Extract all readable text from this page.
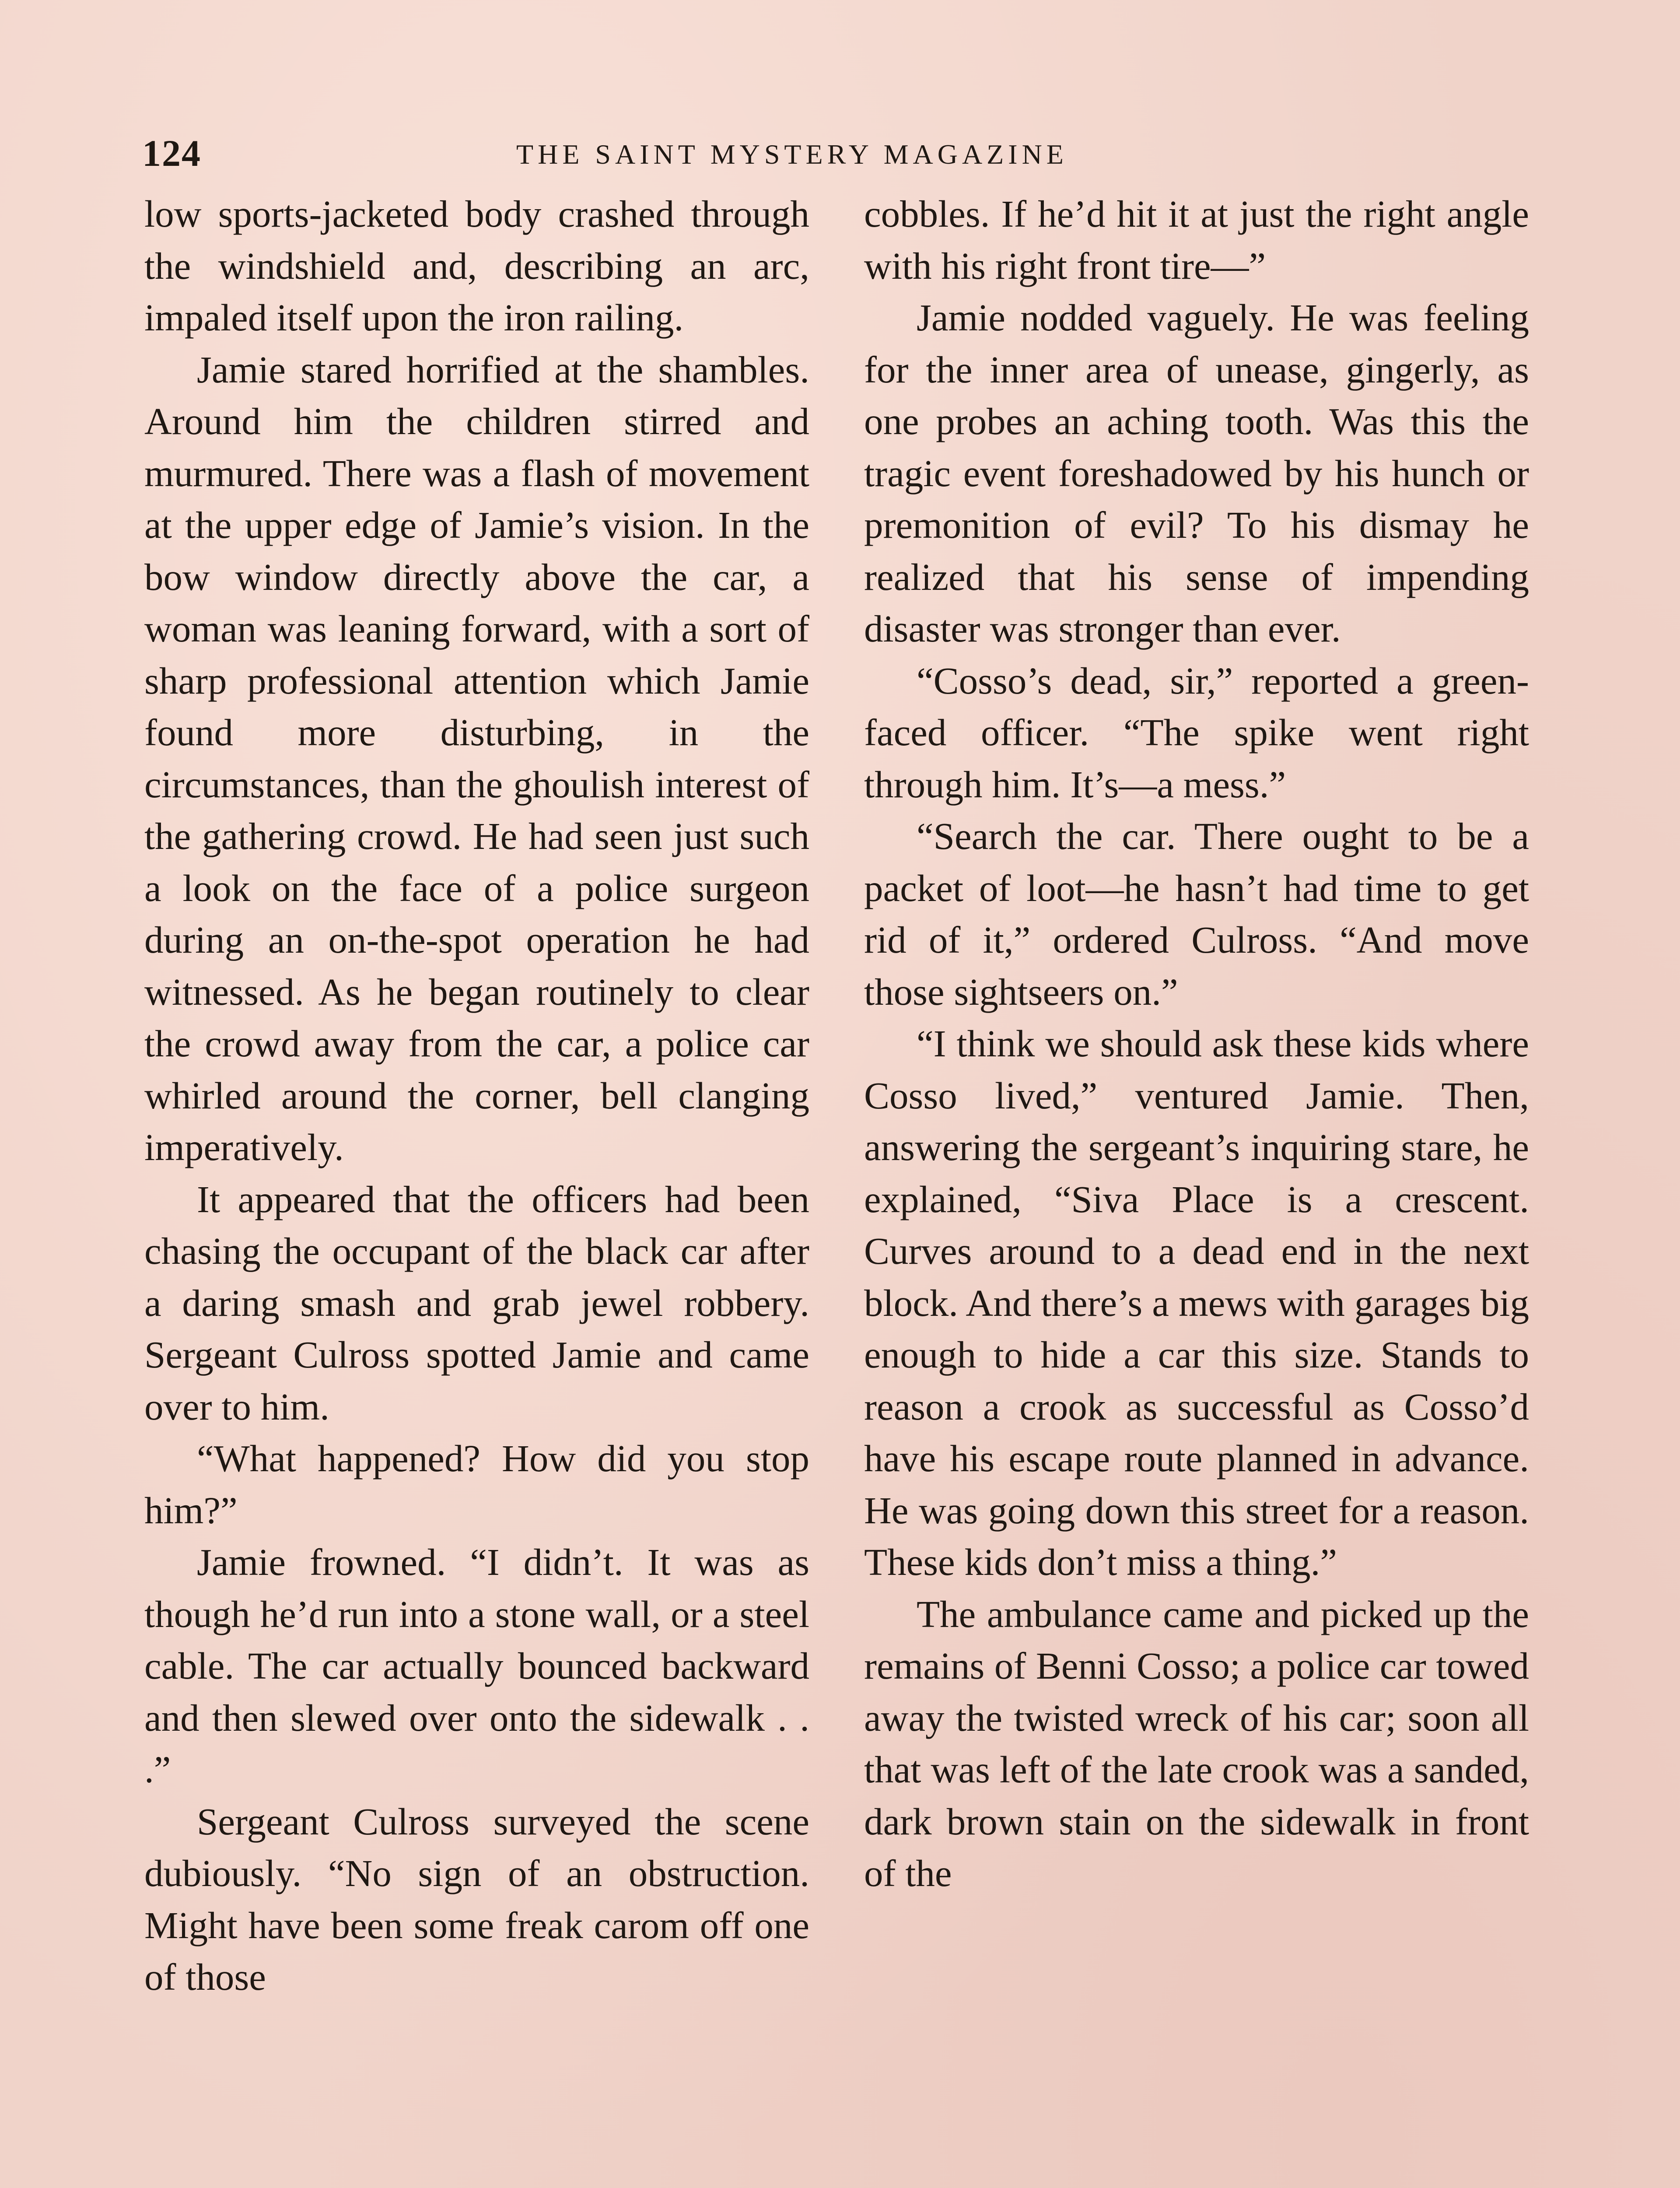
124	THE SAINT MYSTERY MAGAZINE

low sports-jacketed body crashed through the windshield and, describing an arc, impaled itself upon the iron railing.

Jamie stared horrified at the shambles. Around him the children stirred and murmured. There was a flash of movement at the upper edge of Jamie’s vision. In the bow window directly above the car, a woman was leaning forward, with a sort of sharp professional attention which Jamie found more disturbing, in the circumstances, than the ghoulish interest of the gathering crowd. He had seen just such a look on the face of a police surgeon during an on-the-spot operation he had witnessed. As he began routinely to clear the crowd away from the car, a police car whirled around the corner, bell clanging imperatively.

It appeared that the officers had been chasing the occupant of the black car after a daring smash and grab jewel robbery. Sergeant Culross spotted Jamie and came over to him.

“What happened? How did you stop him?”

Jamie frowned. “I didn’t. It was as though he’d run into a stone wall, or a steel cable. The car actually bounced backward and then slewed over onto the sidewalk . . .”

Sergeant Culross surveyed the scene dubiously. “No sign of an obstruction. Might have been some freak carom off one of those

cobbles. If he’d hit it at just the right angle with his right front tire—”

Jamie nodded vaguely. He was feeling for the inner area of unease, gingerly, as one probes an aching tooth. Was this the tragic event foreshadowed by his hunch or premonition of evil? To his dismay he realized that his sense of impending disaster was stronger than ever.

“Cosso’s dead, sir,” reported a green-faced officer. “The spike went right through him. It’s—a mess.”

“Search the car. There ought to be a packet of loot—he hasn’t had time to get rid of it,” ordered Culross. “And move those sightseers on.”

“I think we should ask these kids where Cosso lived,” ventured Jamie. Then, answering the sergeant’s inquiring stare, he explained, “Siva Place is a crescent. Curves around to a dead end in the next block. And there’s a mews with garages big enough to hide a car this size. Stands to reason a crook as successful as Cosso’d have his escape route planned in advance. He was going down this street for a reason. These kids don’t miss a thing.”

The ambulance came and picked up the remains of Benni Cosso; a police car towed away the twisted wreck of his car; soon all that was left of the late crook was a sanded, dark brown stain on the sidewalk in front of the
